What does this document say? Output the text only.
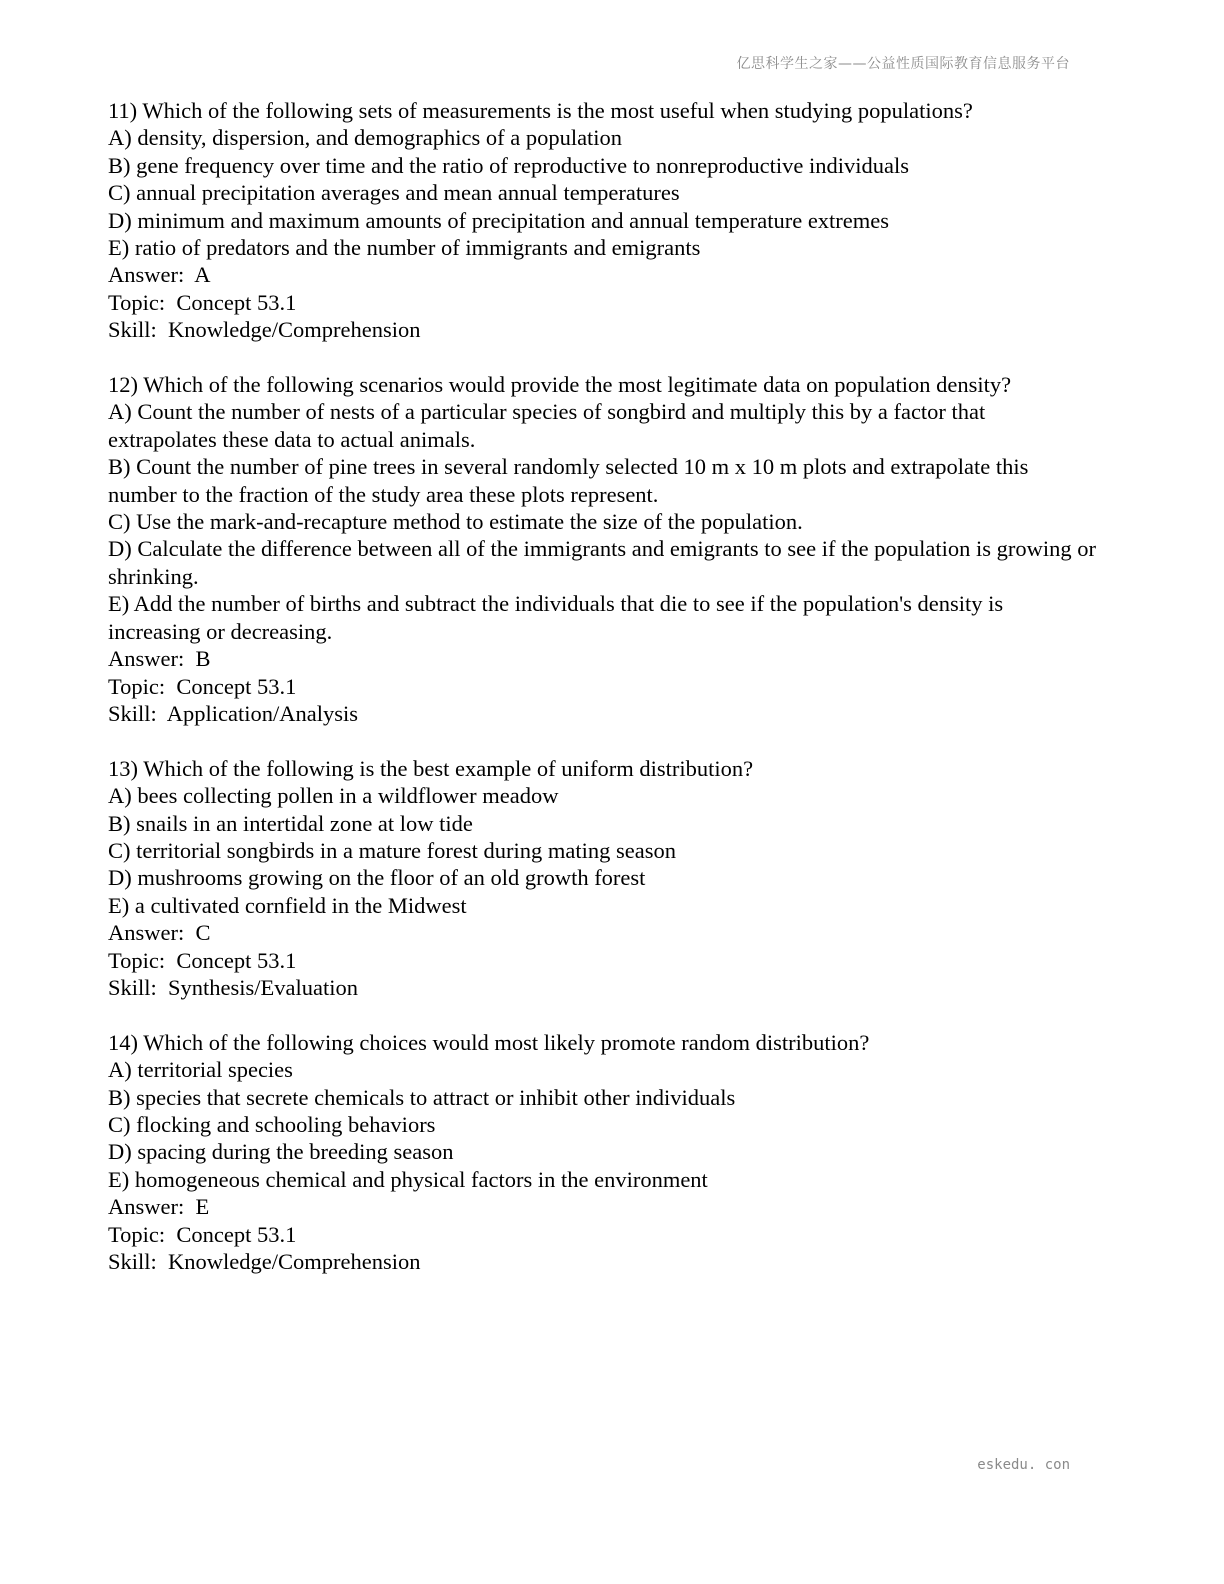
亿思科学生之家——公益性质国际教育信息服务平台
11) Which of the following sets of measurements is the most useful when studying populations?
A) density, dispersion, and demographics of a population
B) gene frequency over time and the ratio of reproductive to nonreproductive individuals
C) annual precipitation averages and mean annual temperatures
D) minimum and maximum amounts of precipitation and annual temperature extremes
E) ratio of predators and the number of immigrants and emigrants
Answer:  A
Topic:  Concept 53.1
Skill:  Knowledge/Comprehension
12) Which of the following scenarios would provide the most legitimate data on population density?
A) Count the number of nests of a particular species of songbird and multiply this by a factor that extrapolates these data to actual animals.
B) Count the number of pine trees in several randomly selected 10 m x 10 m plots and extrapolate this number to the fraction of the study area these plots represent.
C) Use the mark-and-recapture method to estimate the size of the population.
D) Calculate the difference between all of the immigrants and emigrants to see if the population is growing or shrinking.
E) Add the number of births and subtract the individuals that die to see if the population's density is increasing or decreasing.
Answer:  B
Topic:  Concept 53.1
Skill:  Application/Analysis
13) Which of the following is the best example of uniform distribution?
A) bees collecting pollen in a wildflower meadow
B) snails in an intertidal zone at low tide
C) territorial songbirds in a mature forest during mating season
D) mushrooms growing on the floor of an old growth forest
E) a cultivated cornfield in the Midwest
Answer:  C
Topic:  Concept 53.1
Skill:  Synthesis/Evaluation
14) Which of the following choices would most likely promote random distribution?
A) territorial species
B) species that secrete chemicals to attract or inhibit other individuals
C) flocking and schooling behaviors
D) spacing during the breeding season
E) homogeneous chemical and physical factors in the environment
Answer:  E
Topic:  Concept 53.1
Skill:  Knowledge/Comprehension
eskedu. con
